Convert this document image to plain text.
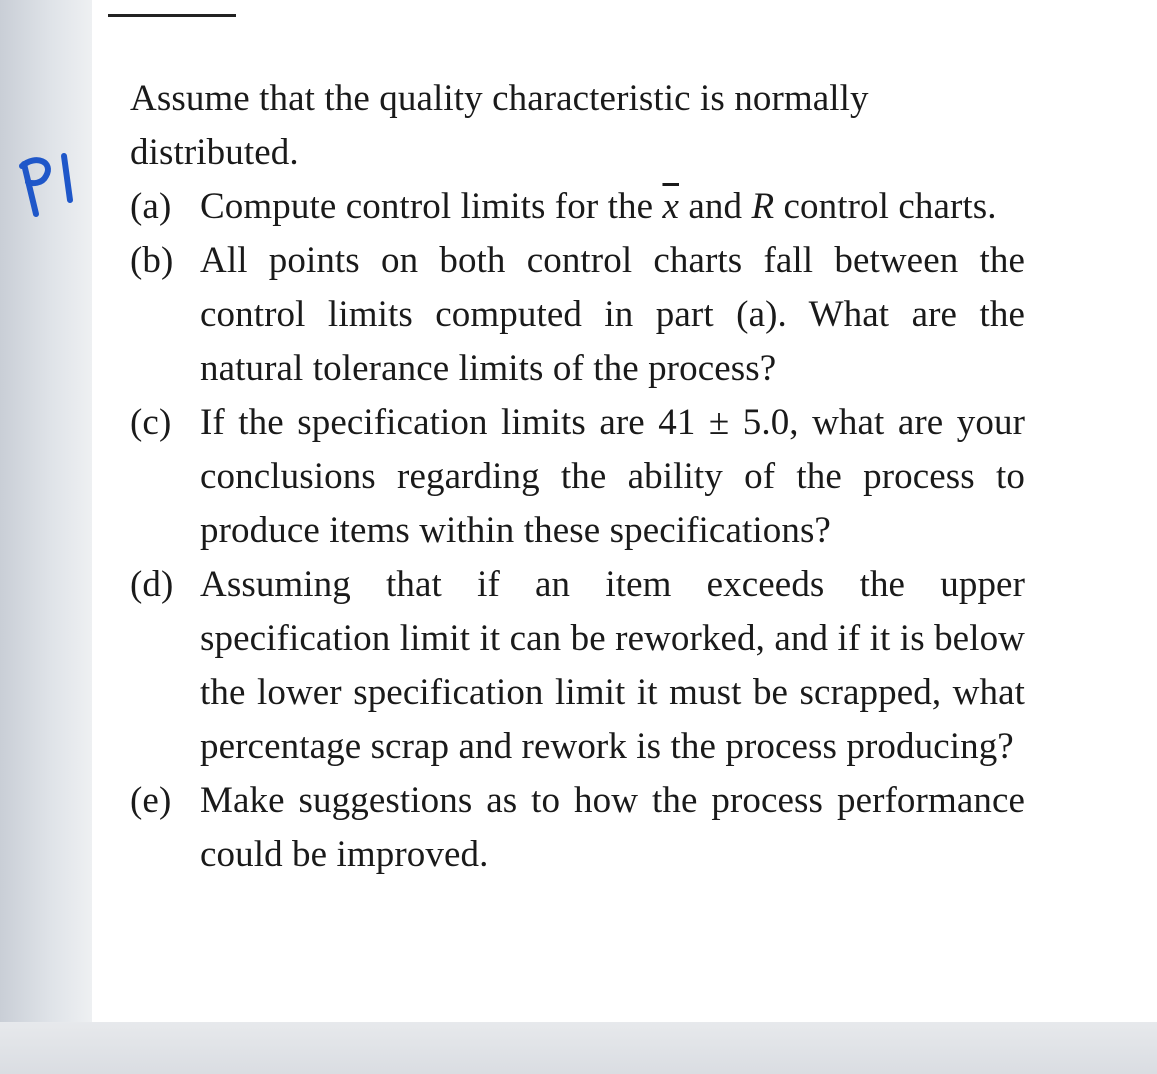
Assume that the quality characteristic is normally distributed.

(a) Compute control limits for the $\overline{x}$ and R control charts.
(b) All points on both control charts fall between the control limits computed in part (a). What are the natural tolerance limits of the process?
(c) If the specification limits are 41 ± 5.0, what are your conclusions regarding the ability of the process to produce items within these specifications?
(d) Assuming that if an item exceeds the upper specification limit it can be reworked, and if it is below the lower specification limit it must be scrapped, what percentage scrap and rework is the process producing?
(e) Make suggestions as to how the process performance could be improved.
